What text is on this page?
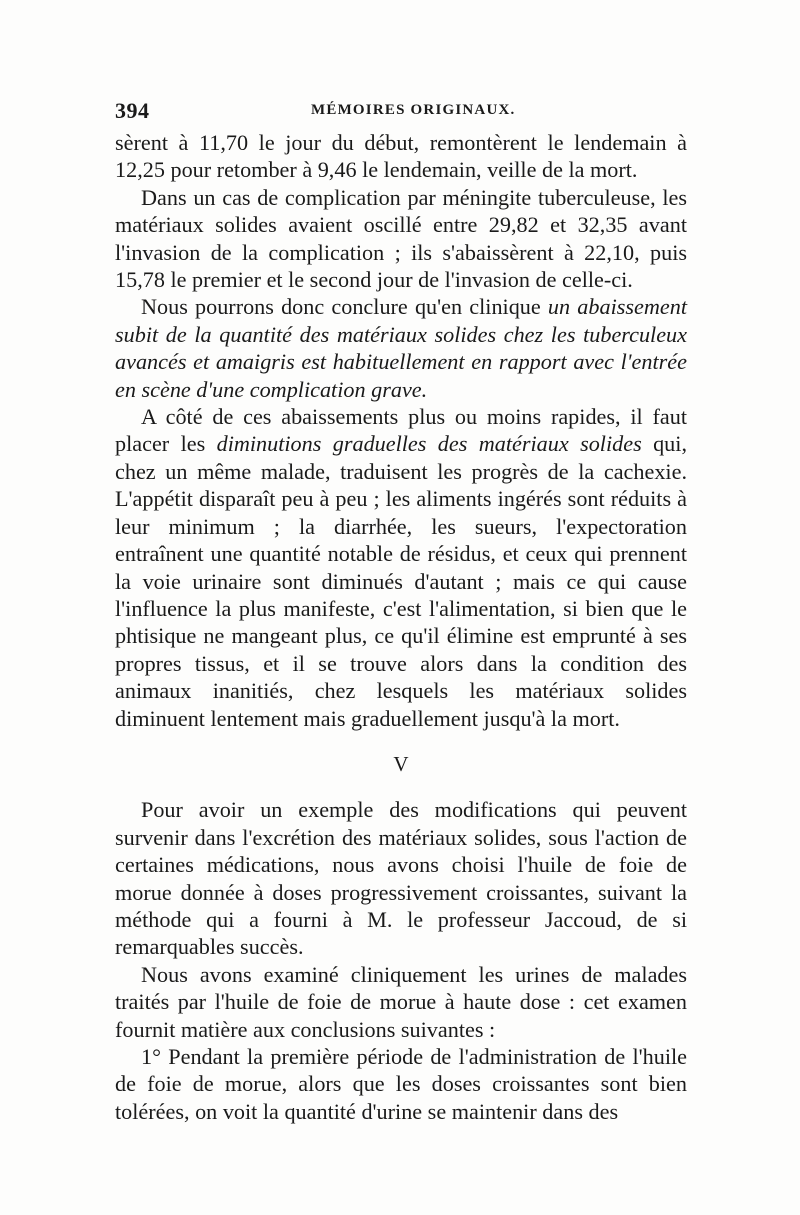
394	MÉMOIRES ORIGINAUX.

sèrent à 11,70 le jour du début, remontèrent le lendemain à 12,25 pour retomber à 9,46 le lendemain, veille de la mort.

Dans un cas de complication par méningite tuberculeuse, les matériaux solides avaient oscillé entre 29,82 et 32,35 avant l'invasion de la complication ; ils s'abaissèrent à 22,10, puis 15,78 le premier et le second jour de l'invasion de celle-ci.

Nous pourrons donc conclure qu'en clinique un abaissement subit de la quantité des matériaux solides chez les tuberculeux avancés et amaigris est habituellement en rapport avec l'entrée en scène d'une complication grave.

A côté de ces abaissements plus ou moins rapides, il faut placer les diminutions graduelles des matériaux solides qui, chez un même malade, traduisent les progrès de la cachexie. L'appétit disparaît peu à peu ; les aliments ingérés sont réduits à leur minimum ; la diarrhée, les sueurs, l'expectoration entraînent une quantité notable de résidus, et ceux qui prennent la voie urinaire sont diminués d'autant ; mais ce qui cause l'influence la plus manifeste, c'est l'alimentation, si bien que le phtisique ne mangeant plus, ce qu'il élimine est emprunté à ses propres tissus, et il se trouve alors dans la condition des animaux inanitiés, chez lesquels les matériaux solides diminuent lentement mais graduellement jusqu'à la mort.

V

Pour avoir un exemple des modifications qui peuvent survenir dans l'excrétion des matériaux solides, sous l'action de certaines médications, nous avons choisi l'huile de foie de morue donnée à doses progressivement croissantes, suivant la méthode qui a fourni à M. le professeur Jaccoud, de si remarquables succès.

Nous avons examiné cliniquement les urines de malades traités par l'huile de foie de morue à haute dose : cet examen fournit matière aux conclusions suivantes :

1° Pendant la première période de l'administration de l'huile de foie de morue, alors que les doses croissantes sont bien tolérées, on voit la quantité d'urine se maintenir dans des
